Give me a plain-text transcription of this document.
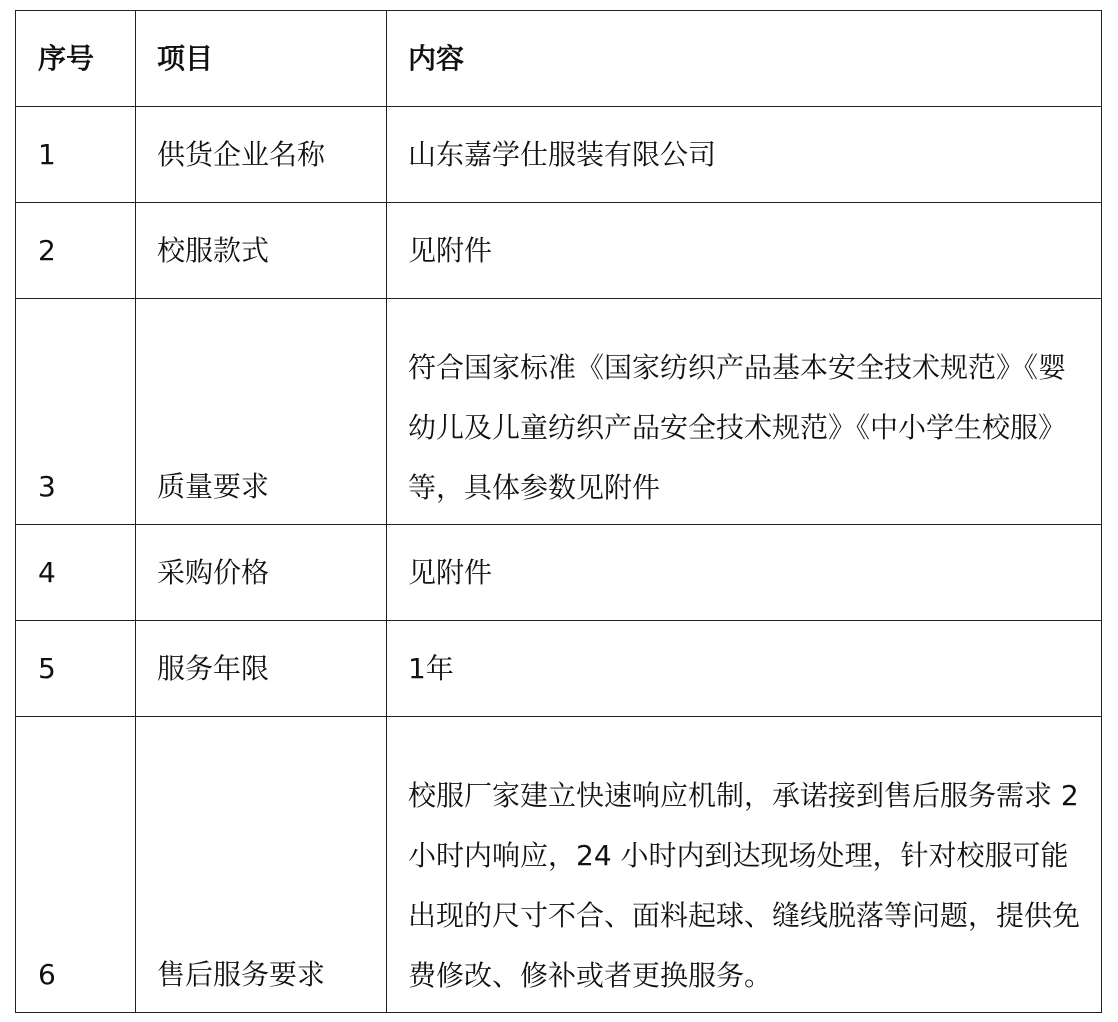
序号	项目	内容
1	供货企业名称	山东嘉学仕服装有限公司
2	校服款式	见附件
3	质量要求	符合国家标准《国家纺织产品基本安全技术规范》《婴幼儿及儿童纺织产品安全技术规范》《中小学生校服》等，具体参数见附件
4	采购价格	见附件
5	服务年限	1年
6	售后服务要求	校服厂家建立快速响应机制，承诺接到售后服务需求 2 小时内响应，24 小时内到达现场处理，针对校服可能出现的尺寸不合、面料起球、缝线脱落等问题，提供免费修改、修补或者更换服务。
